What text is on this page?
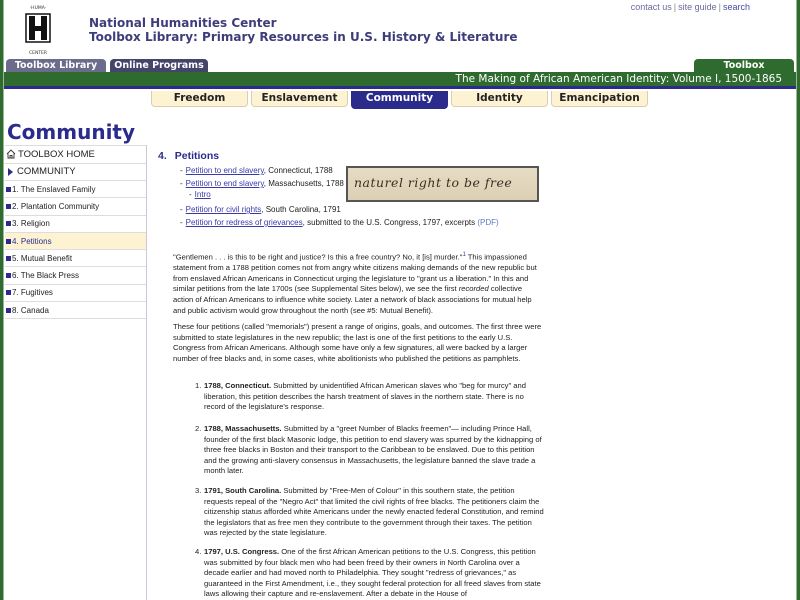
·HUMA·
CENTER
National Humanities Center
Toolbox Library: Primary Resources in U.S. History & Literature
contact us | site guide | search
Toolbox Library	Online Programs	Toolbox
The Making of African American Identity: Volume I, 1500-1865
Freedom	Enslavement	Community	Identity	Emancipation
Community
TOOLBOX HOME
COMMUNITY
1. The Enslaved Family
2. Plantation Community
3. Religion
4. Petitions
5. Mutual Benefit
6. The Black Press
7. Fugitives
8. Canada
4. Petitions
- Petition to end slavery, Connecticut, 1788
- Petition to end slavery, Massachusetts, 1788
- Intro
- Petition for civil rights, South Carolina, 1791
- Petition for redress of grievances, submitted to the U.S. Congress, 1797, excerpts (PDF)
naturel right to be free
"Gentlemen . . . is this to be right and justice? Is this a free country? No, it [is] murder."$^1$ This impassioned statement from a 1788 petition comes not from angry white citizens making demands of the new republic but from enslaved African Americans in Connecticut urging the legislature to "grant us a liberation." In this and similar petitions from the late 1700s (see Supplemental Sites below), we see the first recorded collective action of African Americans to influence white society. Later a network of black associations for mutual help and public activism would grow throughout the north (see #5: Mutual Benefit).
These four petitions (called "memorials") present a range of origins, goals, and outcomes. The first three were submitted to state legislatures in the new republic; the last is one of the first petitions to the early U.S. Congress from African Americans. Although some have only a few signatures, all were backed by a larger number of free blacks and, in some cases, white abolitionists who published the petitions as pamphlets.
1. 1788, Connecticut. Submitted by unidentified African American slaves who "beg for murcy" and liberation, this petition describes the harsh treatment of slaves in the northern state. There is no record of the legislature's response.
2. 1788, Massachusetts. Submitted by a "greet Number of Blacks freemen"— including Prince Hall, founder of the first black Masonic lodge, this petition to end slavery was spurred by the kidnapping of three free blacks in Boston and their transport to the Caribbean to be enslaved. Due to this petition and the growing anti-slavery consensus in Massachusetts, the legislature banned the slave trade a month later.
3. 1791, South Carolina. Submitted by "Free-Men of Colour" in this southern state, the petition requests repeal of the "Negro Act" that limited the civil rights of free blacks. The petitioners claim the citizenship status afforded white Americans under the newly enacted federal Constitution, and remind the legislators that as free men they contribute to the government through their taxes. The petition was rejected by the state legislature.
4. 1797, U.S. Congress. One of the first African American petitions to the U.S. Congress, this petition was submitted by four black men who had been freed by their owners in North Carolina over a decade earlier and had moved north to Philadelphia. They sought "redress of grievances," as guaranteed in the First Amendment, i.e., they sought federal protection for all freed slaves from state laws allowing their capture and re-enslavement. After a debate in the House of
